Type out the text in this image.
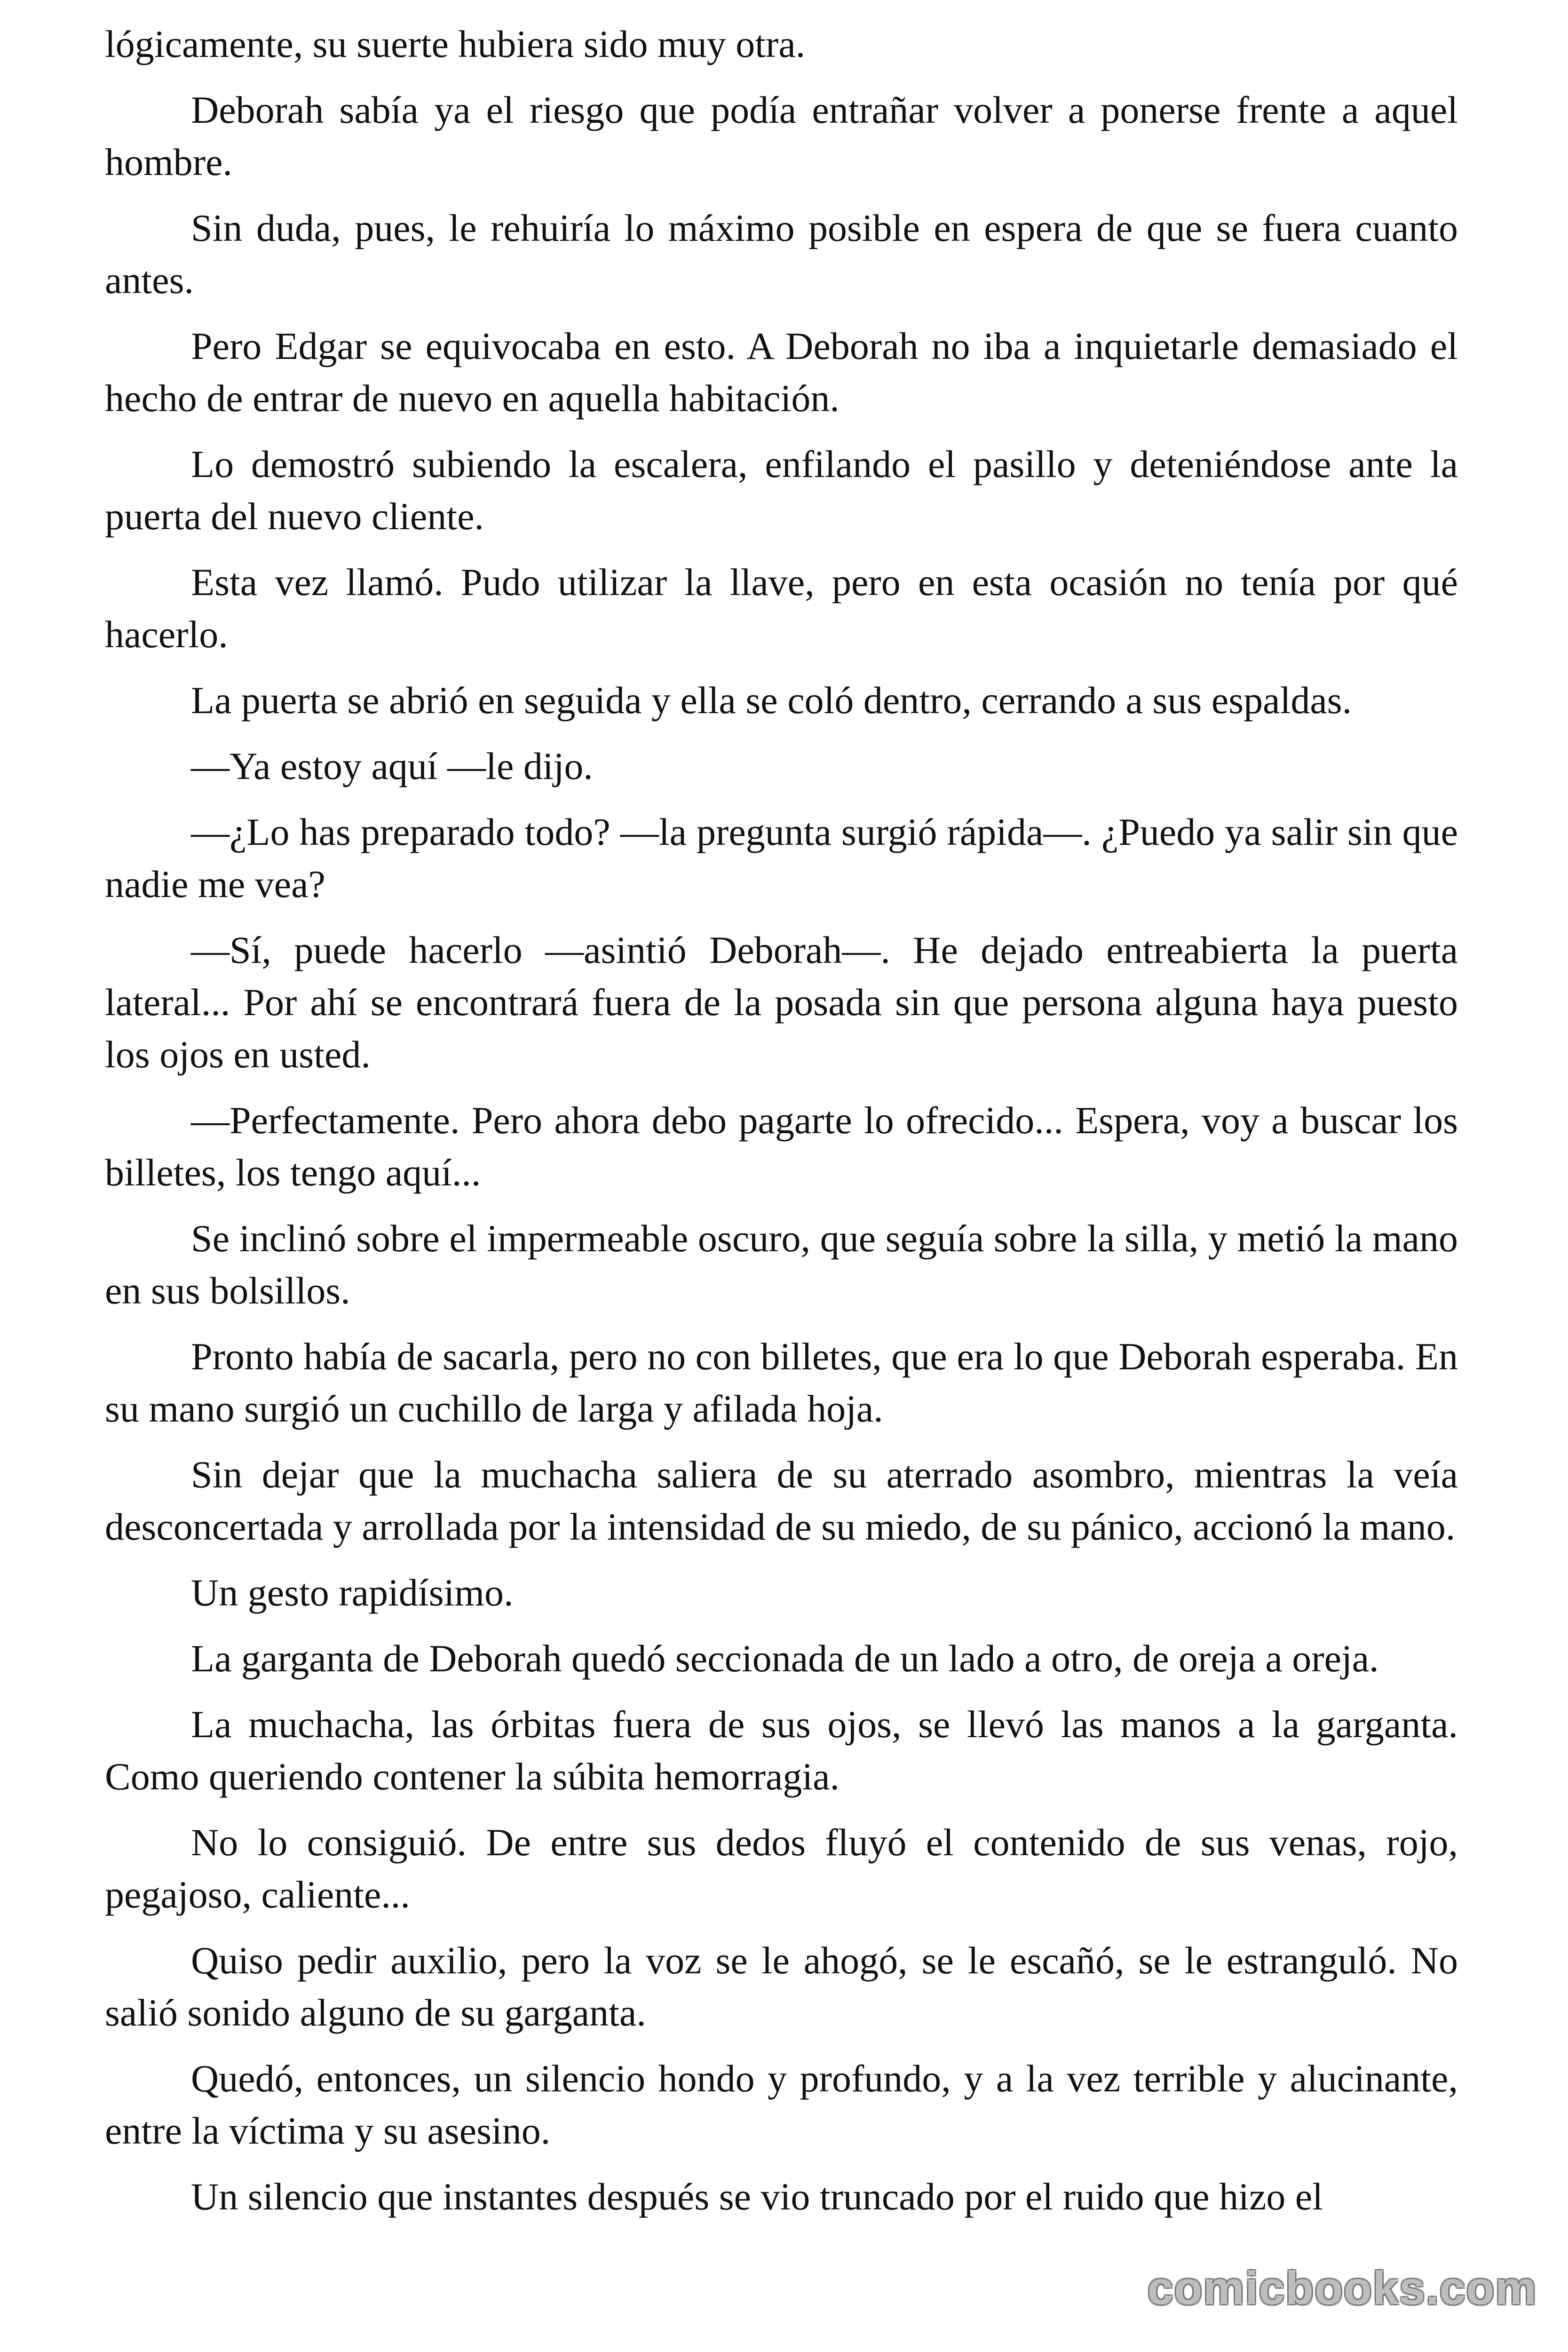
lógicamente, su suerte hubiera sido muy otra.

Deborah sabía ya el riesgo que podía entrañar volver a ponerse frente a aquel hombre.

Sin duda, pues, le rehuiría lo máximo posible en espera de que se fuera cuanto antes.

Pero Edgar se equivocaba en esto. A Deborah no iba a inquietarle demasiado el hecho de entrar de nuevo en aquella habitación.

Lo demostró subiendo la escalera, enfilando el pasillo y deteniéndose ante la puerta del nuevo cliente.

Esta vez llamó. Pudo utilizar la llave, pero en esta ocasión no tenía por qué hacerlo.

La puerta se abrió en seguida y ella se coló dentro, cerrando a sus espaldas.

—Ya estoy aquí —le dijo.

—¿Lo has preparado todo? —la pregunta surgió rápida—. ¿Puedo ya salir sin que nadie me vea?

—Sí, puede hacerlo —asintió Deborah—. He dejado entreabierta la puerta lateral... Por ahí se encontrará fuera de la posada sin que persona alguna haya puesto los ojos en usted.

—Perfectamente. Pero ahora debo pagarte lo ofrecido... Espera, voy a buscar los billetes, los tengo aquí...

Se inclinó sobre el impermeable oscuro, que seguía sobre la silla, y metió la mano en sus bolsillos.

Pronto había de sacarla, pero no con billetes, que era lo que Deborah esperaba. En su mano surgió un cuchillo de larga y afilada hoja.

Sin dejar que la muchacha saliera de su aterrado asombro, mientras la veía desconcertada y arrollada por la intensidad de su miedo, de su pánico, accionó la mano.

Un gesto rapidísimo.

La garganta de Deborah quedó seccionada de un lado a otro, de oreja a oreja.

La muchacha, las órbitas fuera de sus ojos, se llevó las manos a la garganta. Como queriendo contener la súbita hemorragia.

No lo consiguió. De entre sus dedos fluyó el contenido de sus venas, rojo, pegajoso, caliente...

Quiso pedir auxilio, pero la voz se le ahogó, se le escañó, se le estranguló. No salió sonido alguno de su garganta.

Quedó, entonces, un silencio hondo y profundo, y a la vez terrible y alucinante, entre la víctima y su asesino.

Un silencio que instantes después se vio truncado por el ruido que hizo el

comicbooks.com
